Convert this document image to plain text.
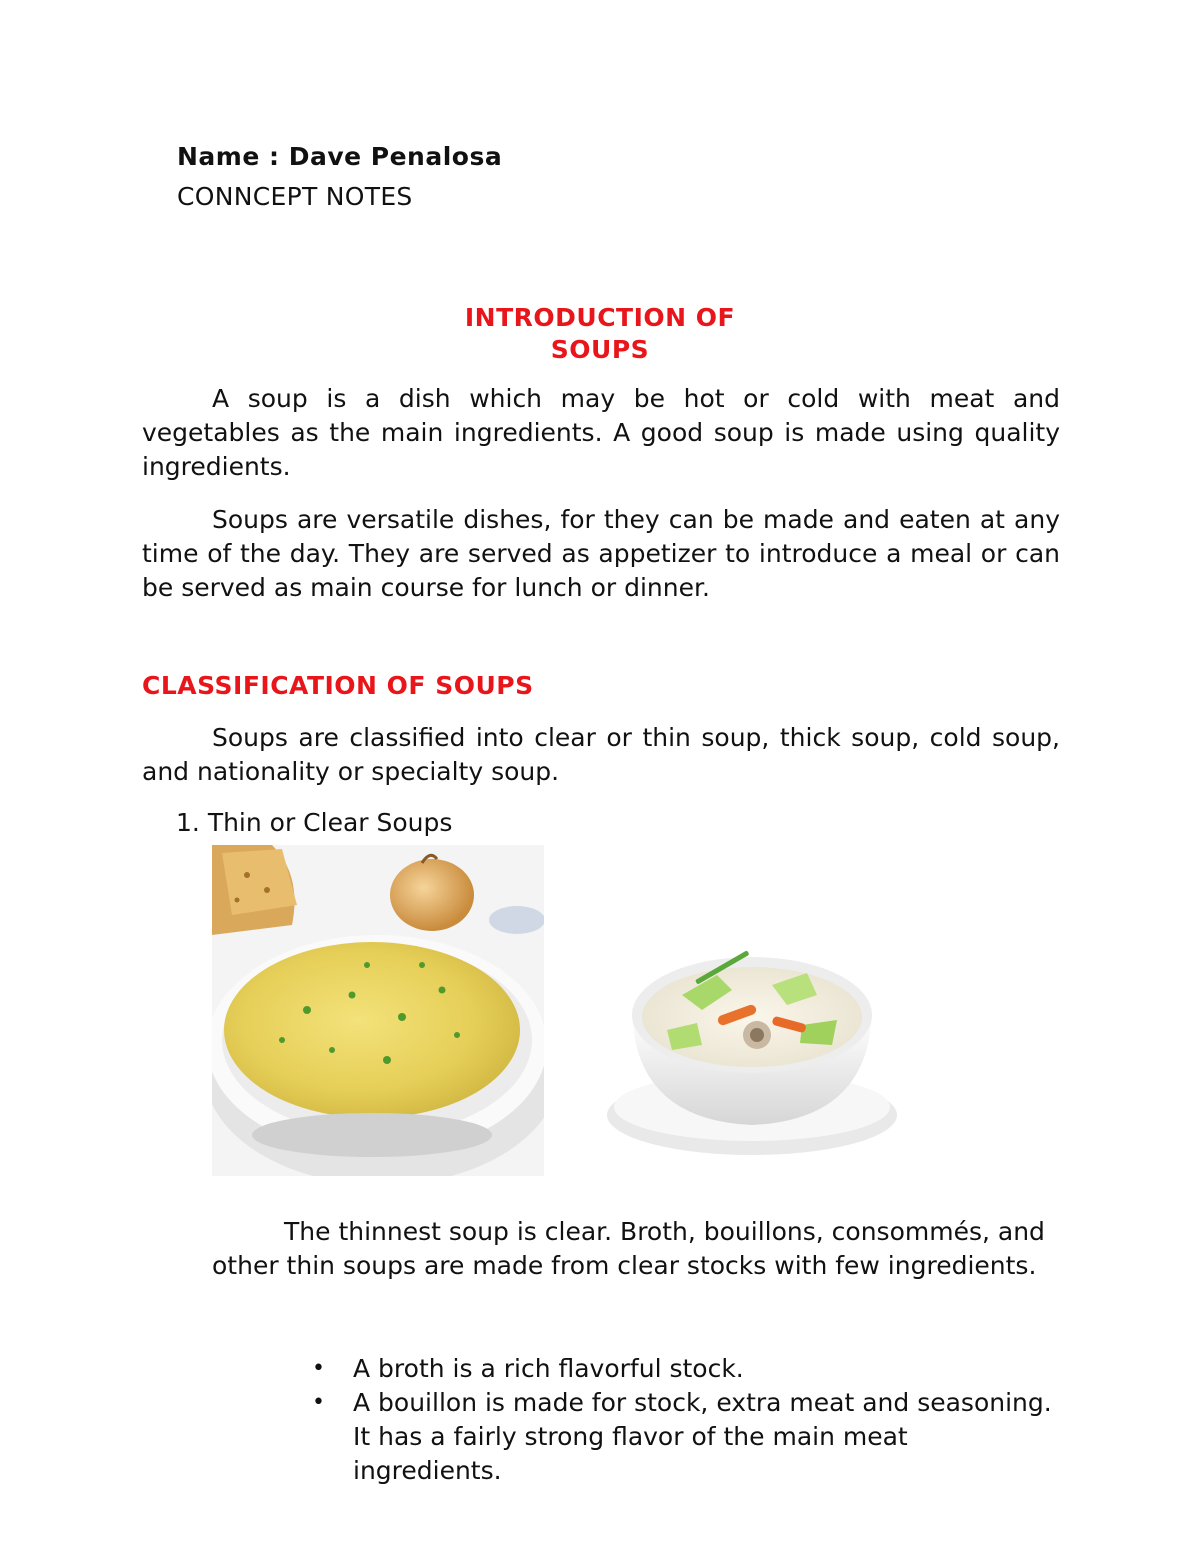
Name : Dave Penalosa

CONNCEPT NOTES

INTRODUCTION OF
SOUPS

A soup is a dish which may be hot or cold with meat and vegetables as the main ingredients. A good soup is made using quality ingredients.

Soups are versatile dishes, for they can be made and eaten at any time of the day. They are served as appetizer to introduce a meal or can be served as main course for lunch or dinner.

CLASSIFICATION OF SOUPS

Soups are classified into clear or thin soup, thick soup, cold soup, and nationality or specialty soup.

1. Thin or Clear Soups

The thinnest soup is clear. Broth, bouillons, consommés, and other thin soups are made from clear stocks with few ingredients.

• A broth is a rich flavorful stock.
• A bouillon is made for stock, extra meat and seasoning. It has a fairly strong flavor of the main meat ingredients.
